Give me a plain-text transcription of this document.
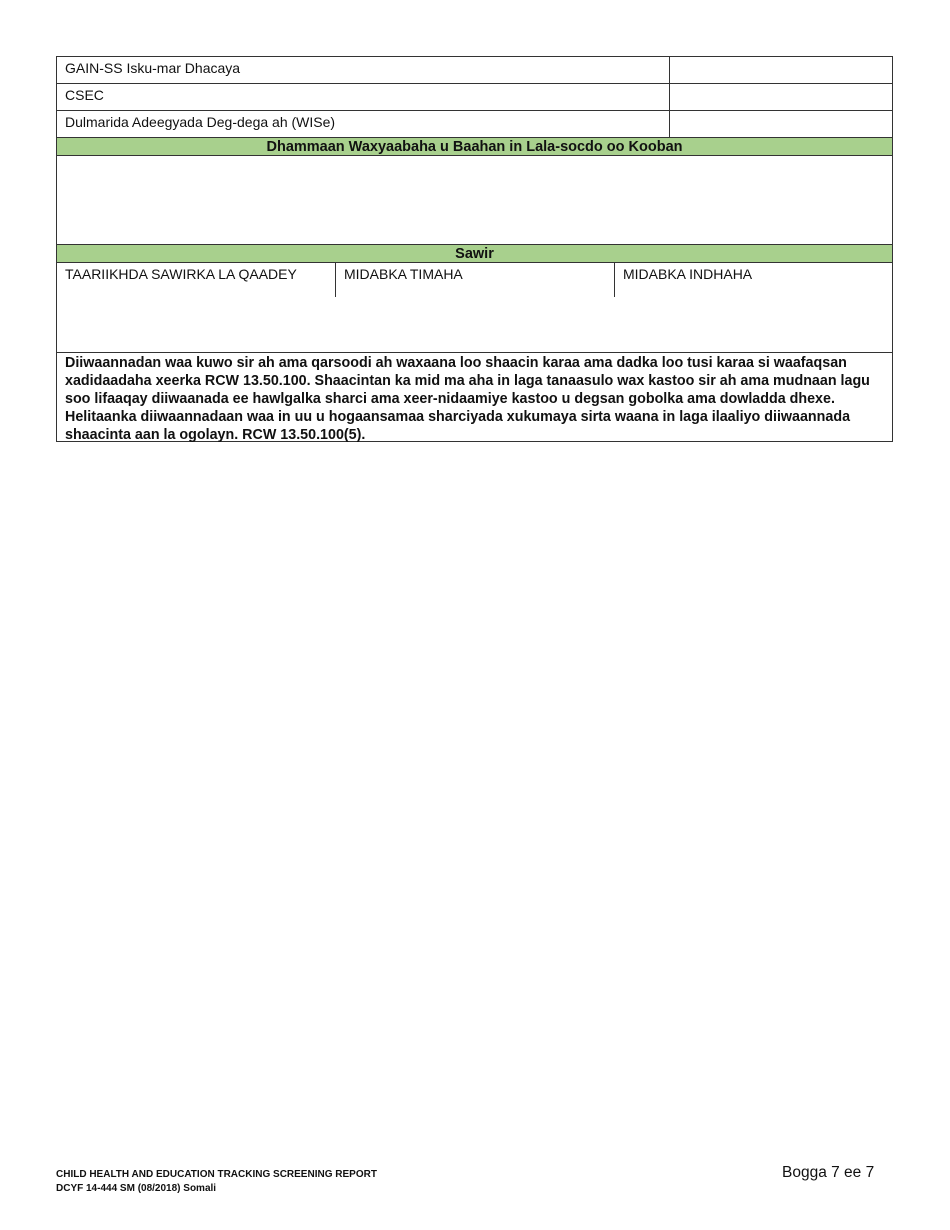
GAIN-SS Isku-mar Dhacaya
CSEC
Dulmarida Adeegyada Deg-dega ah (WISe)
Dhammaan Waxyaabaha u Baahan in Lala-socdo oo Kooban
Sawir
TAARIIKHDA SAWIRKA LA QAADEY	MIDABKA TIMAHA	MIDABKA INDHAHA
Diiwaannadan waa kuwo sir ah ama qarsoodi ah waxaana loo shaacin karaa ama dadka loo tusi karaa si waafaqsan xadidaadaha xeerka RCW 13.50.100. Shaacintan ka mid ma aha in laga tanaasulo wax kastoo sir ah ama mudnaan lagu soo lifaaqay diiwaanada ee hawlgalka sharci ama xeer-nidaamiye kastoo u degsan gobolka ama dowladda dhexe. Helitaanka diiwaannadaan waa in uu u hogaansamaa sharciyada xukumaya sirta waana in laga ilaaliyo diiwaannada shaacinta aan la ogolayn. RCW 13.50.100(5).
CHILD HEALTH AND EDUCATION TRACKING SCREENING REPORT
DCYF 14-444 SM (08/2018) Somali
Bogga 7 ee 7
